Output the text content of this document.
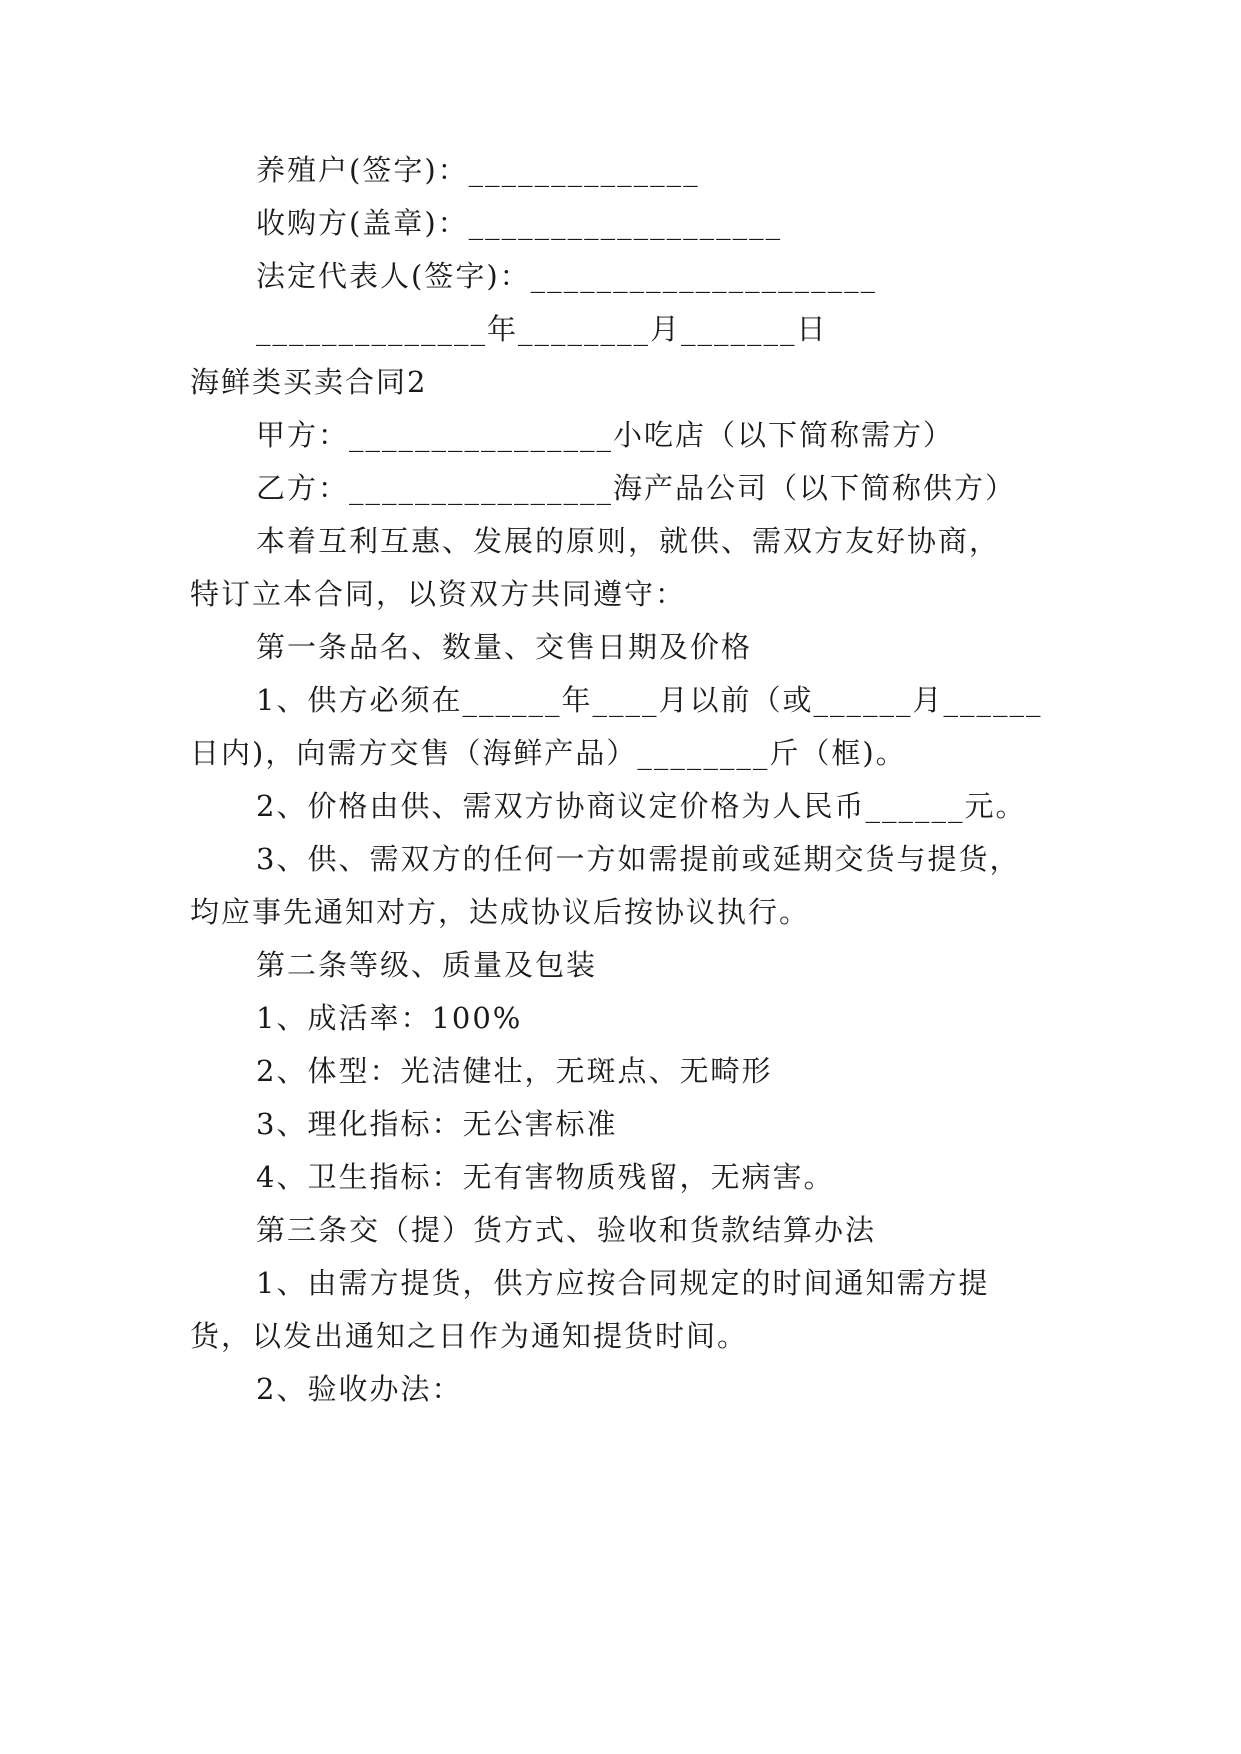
养殖户(签字)：______________
收购方(盖章)：___________________
法定代表人(签字)：_____________________
______________年________月_______日
海鲜类买卖合同2
甲方：________________小吃店（以下简称需方）
乙方：________________海产品公司（以下简称供方）
本着互利互惠、发展的原则，就供、需双方友好协商，
特订立本合同，以资双方共同遵守：
第一条品名、数量、交售日期及价格
1、供方必须在______年____月以前（或______月______
日内)，向需方交售（海鲜产品）________斤（框)。
2、价格由供、需双方协商议定价格为人民币______元。
3、供、需双方的任何一方如需提前或延期交货与提货，
均应事先通知对方，达成协议后按协议执行。
第二条等级、质量及包装
1、成活率：100%
2、体型：光洁健壮，无斑点、无畸形
3、理化指标：无公害标准
4、卫生指标：无有害物质残留，无病害。
第三条交（提）货方式、验收和货款结算办法
1、由需方提货，供方应按合同规定的时间通知需方提
货，以发出通知之日作为通知提货时间。
2、验收办法：
